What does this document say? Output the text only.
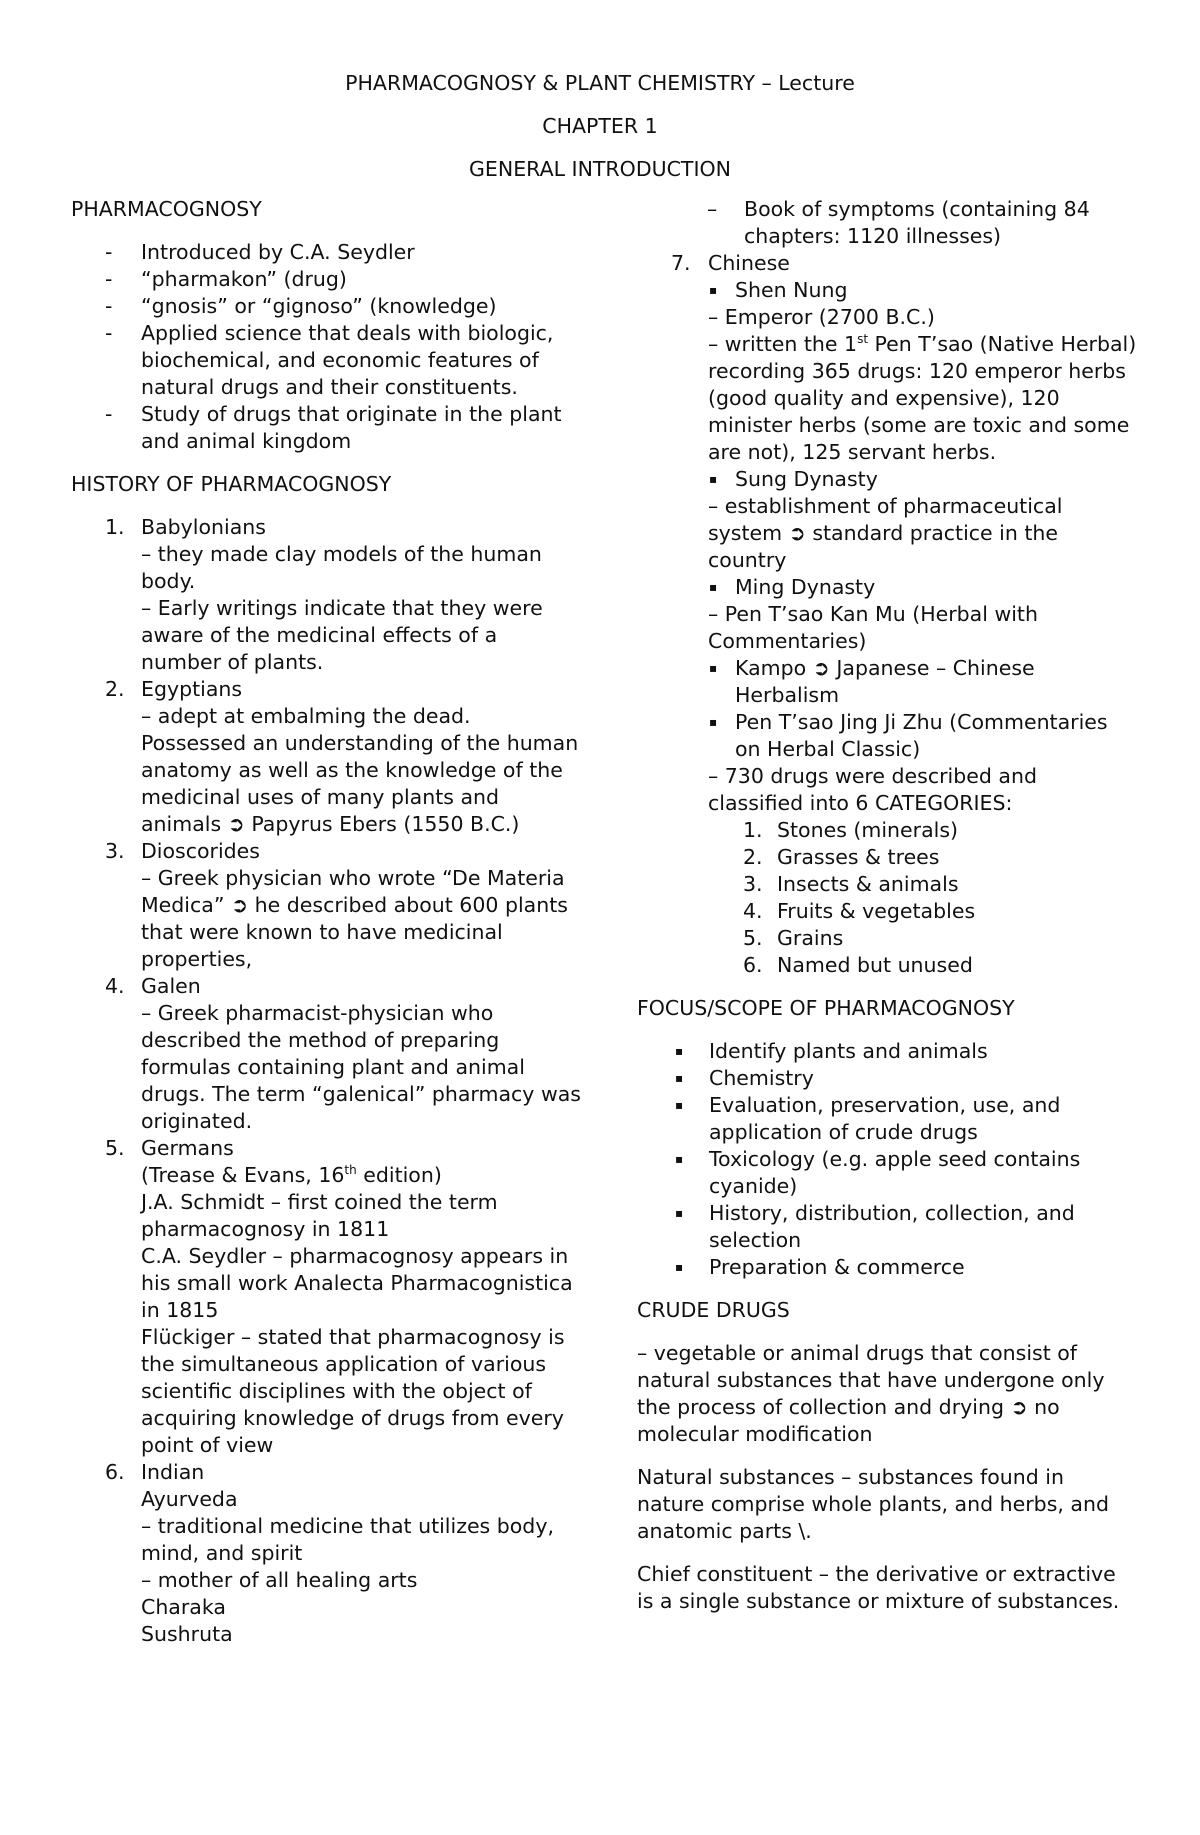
PHARMACOGNOSY & PLANT CHEMISTRY – Lecture
CHAPTER 1
GENERAL INTRODUCTION

PHARMACOGNOSY

- Introduced by C.A. Seydler
- “pharmakon” (drug)
- “gnosis” or “gignoso” (knowledge)
- Applied science that deals with biologic, biochemical, and economic features of natural drugs and their constituents.
- Study of drugs that originate in the plant and animal kingdom

HISTORY OF PHARMACOGNOSY

1. Babylonians
– they made clay models of the human body.
– Early writings indicate that they were aware of the medicinal effects of a number of plants.
2. Egyptians
– adept at embalming the dead. Possessed an understanding of the human anatomy as well as the knowledge of the medicinal uses of many plants and animals ➲ Papyrus Ebers (1550 B.C.)
3. Dioscorides
– Greek physician who wrote “De Materia Medica” ➲ he described about 600 plants that were known to have medicinal properties,
4. Galen
– Greek pharmacist-physician who described the method of preparing formulas containing plant and animal drugs. The term “galenical” pharmacy was originated.
5. Germans
(Trease & Evans, 16th edition)
J.A. Schmidt – first coined the term pharmacognosy in 1811
C.A. Seydler – pharmacognosy appears in his small work Analecta Pharmacognistica in 1815
Flückiger – stated that pharmacognosy is the simultaneous application of various scientific disciplines with the object of acquiring knowledge of drugs from every point of view
6. Indian
Ayurveda
– traditional medicine that utilizes body, mind, and spirit
– mother of all healing arts
Charaka
Sushruta
– Book of symptoms (containing 84 chapters: 1120 illnesses)
7. Chinese
▪ Shen Nung
– Emperor (2700 B.C.)
– written the 1st Pen T’sao (Native Herbal) recording 365 drugs: 120 emperor herbs (good quality and expensive), 120 minister herbs (some are toxic and some are not), 125 servant herbs.
▪ Sung Dynasty
– establishment of pharmaceutical system ➲ standard practice in the country
▪ Ming Dynasty
– Pen T’sao Kan Mu (Herbal with Commentaries)
▪ Kampo ➲ Japanese – Chinese Herbalism
▪ Pen T’sao Jing Ji Zhu (Commentaries on Herbal Classic)
– 730 drugs were described and classified into 6 CATEGORIES:
1. Stones (minerals)
2. Grasses & trees
3. Insects & animals
4. Fruits & vegetables
5. Grains
6. Named but unused

FOCUS/SCOPE OF PHARMACOGNOSY

▪ Identify plants and animals
▪ Chemistry
▪ Evaluation, preservation, use, and application of crude drugs
▪ Toxicology (e.g. apple seed contains cyanide)
▪ History, distribution, collection, and selection
▪ Preparation & commerce

CRUDE DRUGS

– vegetable or animal drugs that consist of natural substances that have undergone only the process of collection and drying ➲ no molecular modification

Natural substances – substances found in nature comprise whole plants, and herbs, and anatomic parts \.

Chief constituent – the derivative or extractive is a single substance or mixture of substances.
